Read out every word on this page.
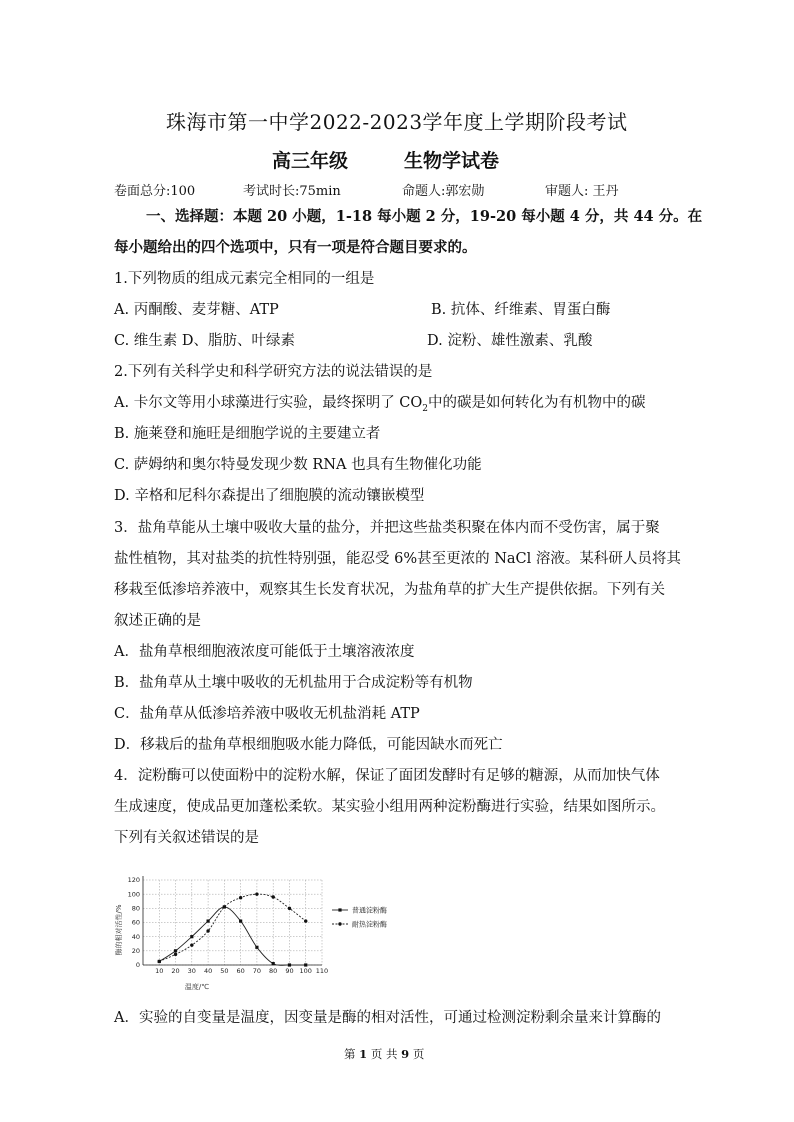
珠海市第一中学2022-2023学年度上学期阶段考试
高三年级	生物学试卷
卷面总分:100	考试时长:75min	命题人:郭宏勋	审题人: 王丹
一、选择题：本题 20 小题，1-18 每小题 2 分，19-20 每小题 4 分，共 44 分。在
每小题给出的四个选项中，只有一项是符合题目要求的。
1.下列物质的组成元素完全相同的一组是
A. 丙酮酸、麦芽糖、ATP	B. 抗体、纤维素、胃蛋白酶
C. 维生素 D、脂肪、叶绿素	D. 淀粉、雄性激素、乳酸
2.下列有关科学史和科学研究方法的说法错误的是
A. 卡尔文等用小球藻进行实验，最终探明了 $CO_2$中的碳是如何转化为有机物中的碳
B. 施莱登和施旺是细胞学说的主要建立者
C. 萨姆纳和奥尔特曼发现少数 RNA 也具有生物催化功能
D. 辛格和尼科尔森提出了细胞膜的流动镶嵌模型
3．盐角草能从土壤中吸收大量的盐分，并把这些盐类积聚在体内而不受伤害，属于聚
盐性植物，其对盐类的抗性特别强，能忍受 6%甚至更浓的 NaCl 溶液。某科研人员将其
移栽至低渗培养液中，观察其生长发育状况，为盐角草的扩大生产提供依据。下列有关
叙述正确的是
A．盐角草根细胞液浓度可能低于土壤溶液浓度
B．盐角草从土壤中吸收的无机盐用于合成淀粉等有机物
C．盐角草从低渗培养液中吸收无机盐消耗 ATP
D．移栽后的盐角草根细胞吸水能力降低，可能因缺水而死亡
4．淀粉酶可以使面粉中的淀粉水解，保证了面团发酵时有足够的糖源，从而加快气体
生成速度，使成品更加蓬松柔软。某实验小组用两种淀粉酶进行实验，结果如图所示。
下列有关叙述错误的是
10 20 30 40 50 60 70 80 90 100 110
0
20
40
60
80
100
120
普通淀粉酶
耐热淀粉酶
温度/℃
酶的相对活性/%
A．实验的自变量是温度，因变量是酶的相对活性，可通过检测淀粉剩余量来计算酶的
第 1 页 共 9 页
